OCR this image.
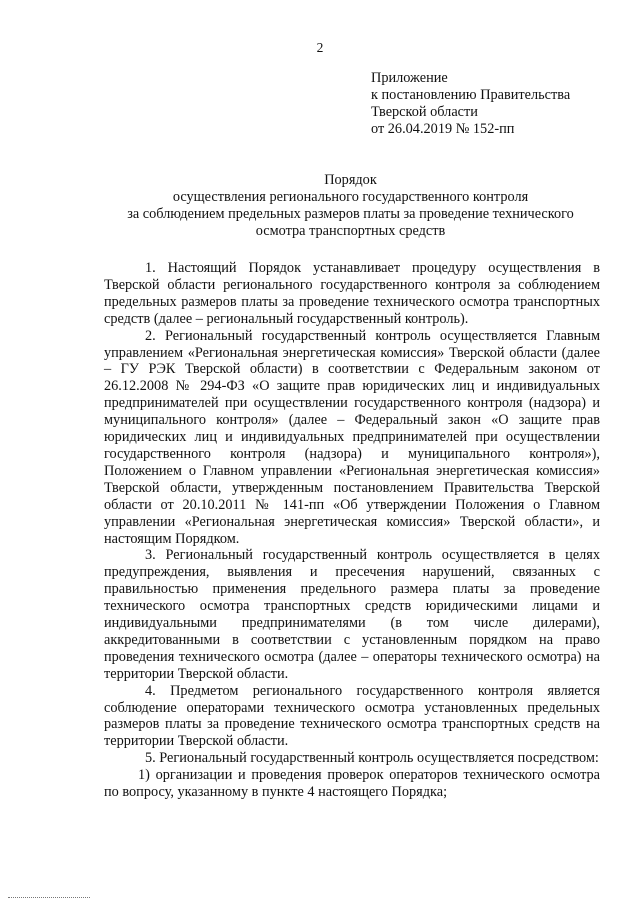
2
Приложение
к постановлению Правительства
Тверской области
от 26.04.2019 № 152-пп
Порядок
осуществления регионального государственного контроля
за соблюдением предельных размеров платы за проведение технического
осмотра транспортных средств

1. Настоящий Порядок устанавливает процедуру осуществления в Тверской области регионального государственного контроля за соблюдением предельных размеров платы за проведение технического осмотра транспортных средств (далее – региональный государственный контроль).

2. Региональный государственный контроль осуществляется Главным управлением «Региональная энергетическая комиссия» Тверской области (далее – ГУ РЭК Тверской области) в соответствии с Федеральным законом от 26.12.2008 № 294-ФЗ «О защите прав юридических лиц и индивидуальных предпринимателей при осуществлении государственного контроля (надзора) и муниципального контроля» (далее – Федеральный закон «О защите прав юридических лиц и индивидуальных предпринимателей при осуществлении государственного контроля (надзора) и муниципального контроля»), Положением о Главном управлении «Региональная энергетическая комиссия» Тверской области, утвержденным постановлением Правительства Тверской области от 20.10.2011 № 141-пп «Об утверждении Положения о Главном управлении «Региональная энергетическая комиссия» Тверской области», и настоящим Порядком.

3. Региональный государственный контроль осуществляется в целях предупреждения, выявления и пресечения нарушений, связанных с правильностью применения предельного размера платы за проведение технического осмотра транспортных средств юридическими лицами и индивидуальными предпринимателями (в том числе дилерами), аккредитованными в соответствии с установленным порядком на право проведения технического осмотра (далее – операторы технического осмотра) на территории Тверской области.

4. Предметом регионального государственного контроля является соблюдение операторами технического осмотра установленных предельных размеров платы за проведение технического осмотра транспортных средств на территории Тверской области.

5. Региональный государственный контроль осуществляется посредством:

1) организации и проведения проверок операторов технического осмотра по вопросу, указанному в пункте 4 настоящего Порядка;
